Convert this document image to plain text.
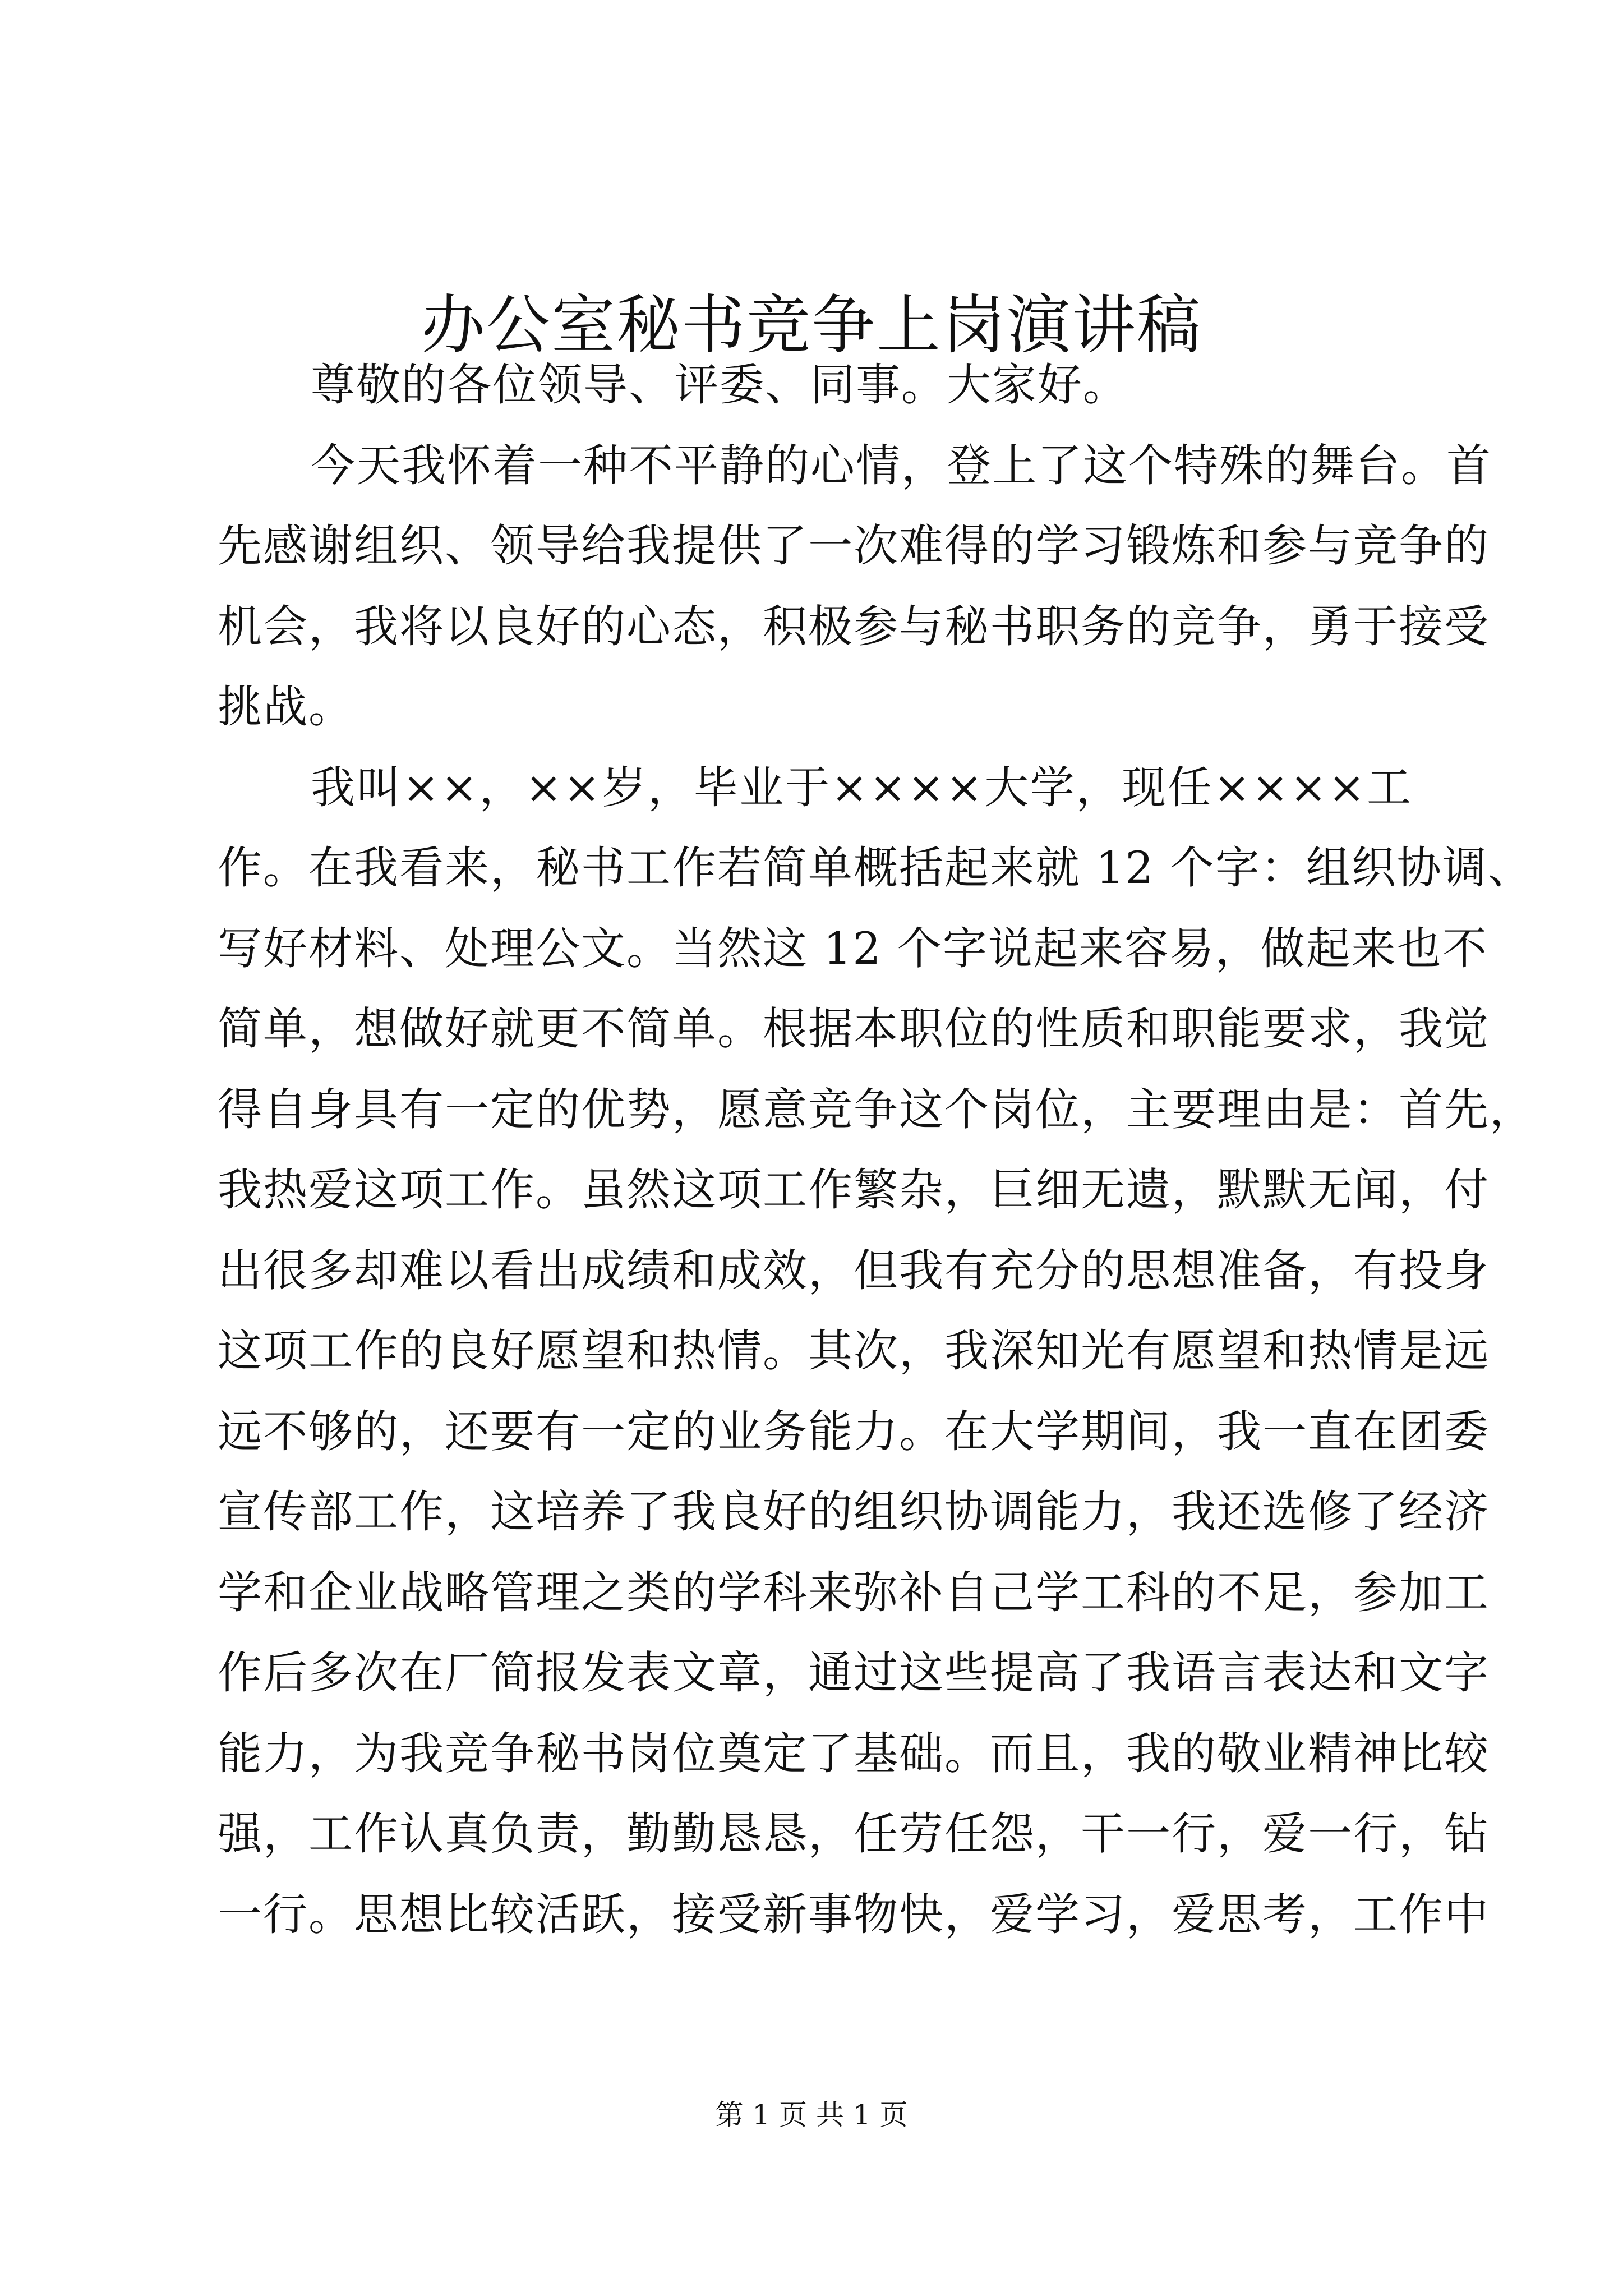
办公室秘书竞争上岗演讲稿
尊敬的各位领导、评委、同事。大家好。
今天我怀着一种不平静的心情，登上了这个特殊的舞台。首
先感谢组织、领导给我提供了一次难得的学习锻炼和参与竞争的
机会，我将以良好的心态，积极参与秘书职务的竞争，勇于接受
挑战。
我叫××，××岁，毕业于××××大学，现任××××工
作。在我看来，秘书工作若简单概括起来就 12 个字：组织协调、
写好材料、处理公文。当然这 12 个字说起来容易，做起来也不
简单，想做好就更不简单。根据本职位的性质和职能要求，我觉
得自身具有一定的优势，愿意竞争这个岗位，主要理由是：首先，
我热爱这项工作。虽然这项工作繁杂，巨细无遗，默默无闻，付
出很多却难以看出成绩和成效，但我有充分的思想准备，有投身
这项工作的良好愿望和热情。其次，我深知光有愿望和热情是远
远不够的，还要有一定的业务能力。在大学期间，我一直在团委
宣传部工作，这培养了我良好的组织协调能力，我还选修了经济
学和企业战略管理之类的学科来弥补自己学工科的不足，参加工
作后多次在厂简报发表文章，通过这些提高了我语言表达和文字
能力，为我竞争秘书岗位奠定了基础。而且，我的敬业精神比较
强，工作认真负责，勤勤恳恳，任劳任怨，干一行，爱一行，钻
一行。思想比较活跃，接受新事物快，爱学习，爱思考，工作中
第 1 页 共 1 页
